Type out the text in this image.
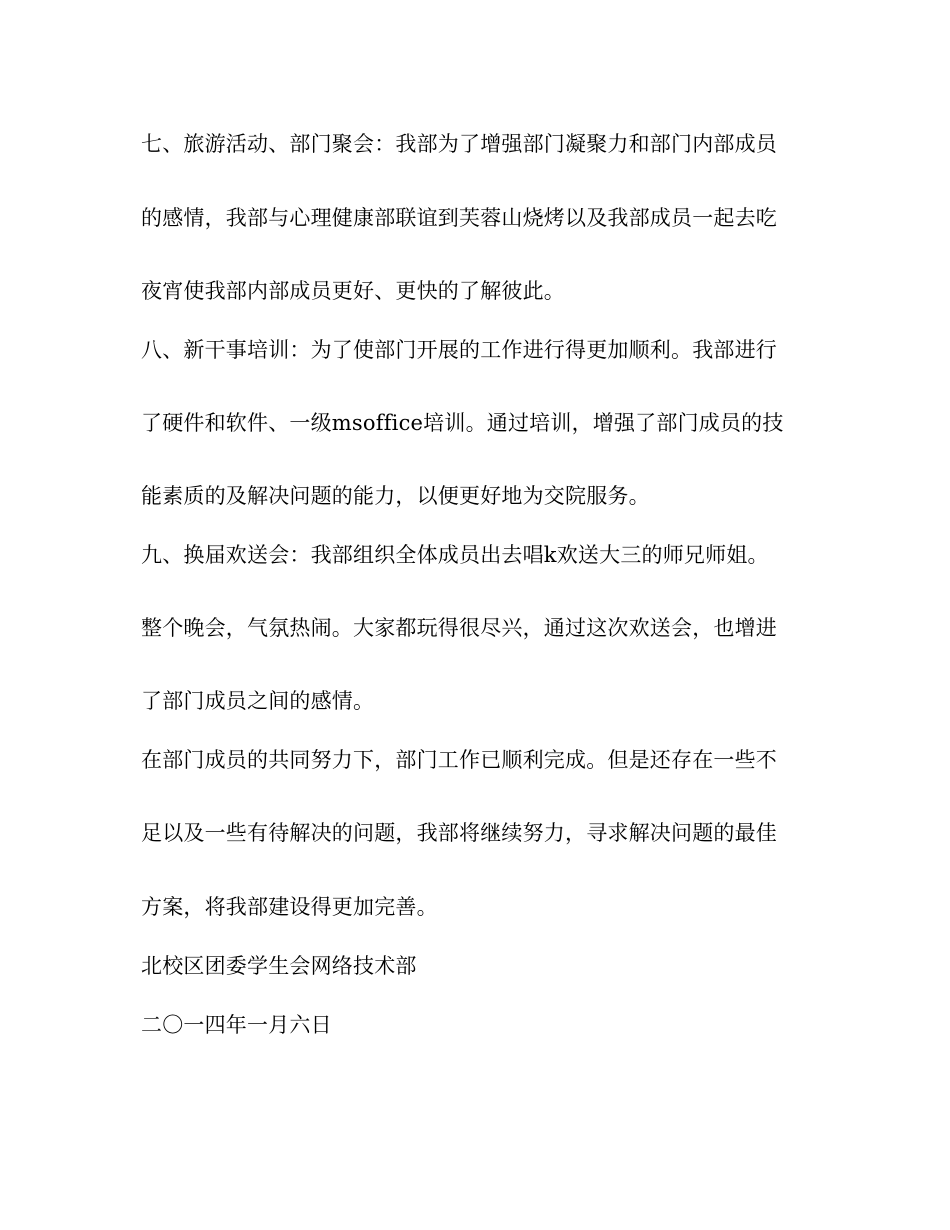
七、旅游活动、部门聚会：我部为了增强部门凝聚力和部门内部成员
的感情，我部与心理健康部联谊到芙蓉山烧烤以及我部成员一起去吃
夜宵使我部内部成员更好、更快的了解彼此。
八、新干事培训：为了使部门开展的工作进行得更加顺利。我部进行
了硬件和软件、一级msoffice培训。通过培训，增强了部门成员的技
能素质的及解决问题的能力，以便更好地为交院服务。
九、换届欢送会：我部组织全体成员出去唱k欢送大三的师兄师姐。
整个晚会，气氛热闹。大家都玩得很尽兴，通过这次欢送会，也增进
了部门成员之间的感情。
在部门成员的共同努力下，部门工作已顺利完成。但是还存在一些不
足以及一些有待解决的问题，我部将继续努力，寻求解决问题的最佳
方案，将我部建设得更加完善。
北校区团委学生会网络技术部
二〇一四年一月六日
